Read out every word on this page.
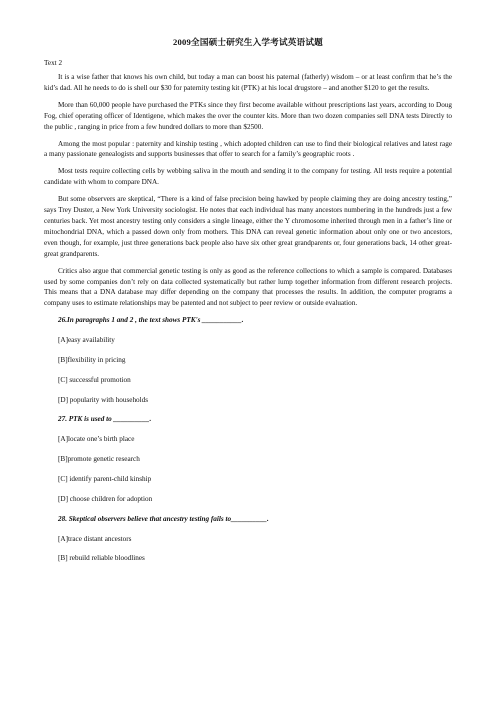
2009全国硕士研究生入学考试英语试题
Text 2

It is a wise father that knows his own child, but today a man can boost his paternal (fatherly) wisdom – or at least confirm that he’s the kid’s dad. All he needs to do is shell our $30 for paternity testing kit (PTK) at his local drugstore – and another $120 to get the results.

More than 60,000 people have purchased the PTKs since they first become available without prescriptions last years, according to Doug Fog, chief operating officer of Identigene, which makes the over the counter kits. More than two dozen companies sell DNA tests Directly to the public , ranging in price from a few hundred dollars to more than $2500.

Among the most popular : paternity and kinship testing , which adopted children can use to find their biological relatives and latest rage a many passionate genealogists and supports businesses that offer to search for a family’s geographic roots .

Most tests require collecting cells by webbing saliva in the mouth and sending it to the company for testing. All tests require a potential candidate with whom to compare DNA.

But some observers are skeptical, “There is a kind of false precision being hawked by people claiming they are doing ancestry testing,” says Trey Duster, a New York University sociologist. He notes that each individual has many ancestors numbering in the hundreds just a few centuries back. Yet most ancestry testing only considers a single lineage, either the Y chromosome inherited through men in a father’s line or mitochondrial DNA, which a passed down only from mothers. This DNA can reveal genetic information about only one or two ancestors, even though, for example, just three generations back people also have six other great grandparents or, four generations back, 14 other great-great grandparents.

Critics also argue that commercial genetic testing is only as good as the reference collections to which a sample is compared. Databases used by some companies don’t rely on data collected systematically but rather lump together information from different research projects. This means that a DNA database may differ depending on the company that processes the results. In addition, the computer programs a company uses to estimate relationships may be patented and not subject to peer review or outside evaluation.

26.In paragraphs 1 and 2 , the text shows PTK's ___________.
[A]easy availability
[B]flexibility in pricing
[C] successful promotion
[D] popularity with households
27. PTK is used to __________.
[A]locate one’s birth place
[B]promote genetic research
[C] identify parent-child kinship
[D] choose children for adoption
28. Skeptical observers believe that ancestry testing fails to__________.
[A]trace distant ancestors
[B] rebuild reliable bloodlines
